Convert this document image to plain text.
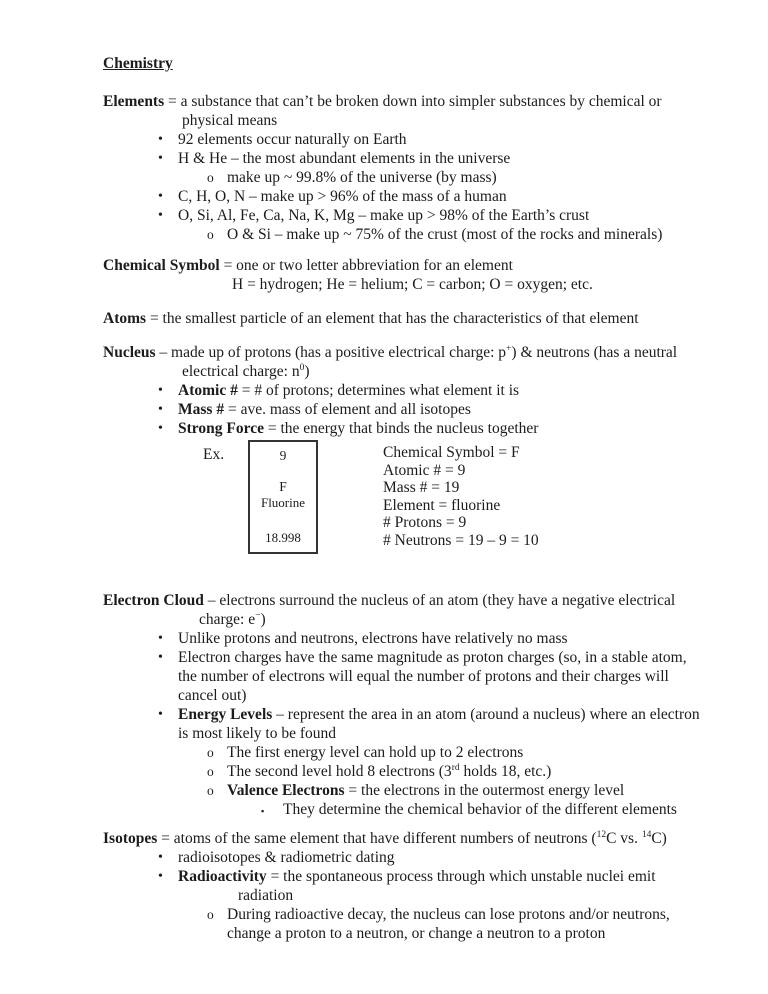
Chemistry
Elements = a substance that can’t be broken down into simpler substances by chemical or
physical means
• 92 elements occur naturally on Earth
• H & He – the most abundant elements in the universe
o make up ~ 99.8% of the universe (by mass)
• C, H, O, N – make up > 96% of the mass of a human
• O, Si, Al, Fe, Ca, Na, K, Mg – make up > 98% of the Earth’s crust
o O & Si – make up ~ 75% of the crust (most of the rocks and minerals)
Chemical Symbol = one or two letter abbreviation for an element
H = hydrogen; He = helium; C = carbon; O = oxygen; etc.
Atoms = the smallest particle of an element that has the characteristics of that element
Nucleus – made up of protons (has a positive electrical charge: p+) & neutrons (has a neutral
electrical charge: $n^0$)
• Atomic # = # of protons; determines what element it is
• Mass # = ave. mass of element and all isotopes
• Strong Force = the energy that binds the nucleus together
Ex.	9
F
Fluorine
18.998
Chemical Symbol = F
Atomic # = 9
Mass # = 19
Element = fluorine
# Protons = 9
# Neutrons = 19 – 9 = 10
Electron Cloud – electrons surround the nucleus of an atom (they have a negative electrical
charge: e−)
• Unlike protons and neutrons, electrons have relatively no mass
• Electron charges have the same magnitude as proton charges (so, in a stable atom,
the number of electrons will equal the number of protons and their charges will
cancel out)
• Energy Levels – represent the area in an atom (around a nucleus) where an electron
is most likely to be found
o The first energy level can hold up to 2 electrons
o The second level hold 8 electrons (3rd holds 18, etc.)
o Valence Electrons = the electrons in the outermost energy level
▪ They determine the chemical behavior of the different elements
Isotopes = atoms of the same element that have different numbers of neutrons ($^{12}$C vs. $^{14}$C)
• radioisotopes & radiometric dating
• Radioactivity = the spontaneous process through which unstable nuclei emit
radiation
o During radioactive decay, the nucleus can lose protons and/or neutrons,
change a proton to a neutron, or change a neutron to a proton
